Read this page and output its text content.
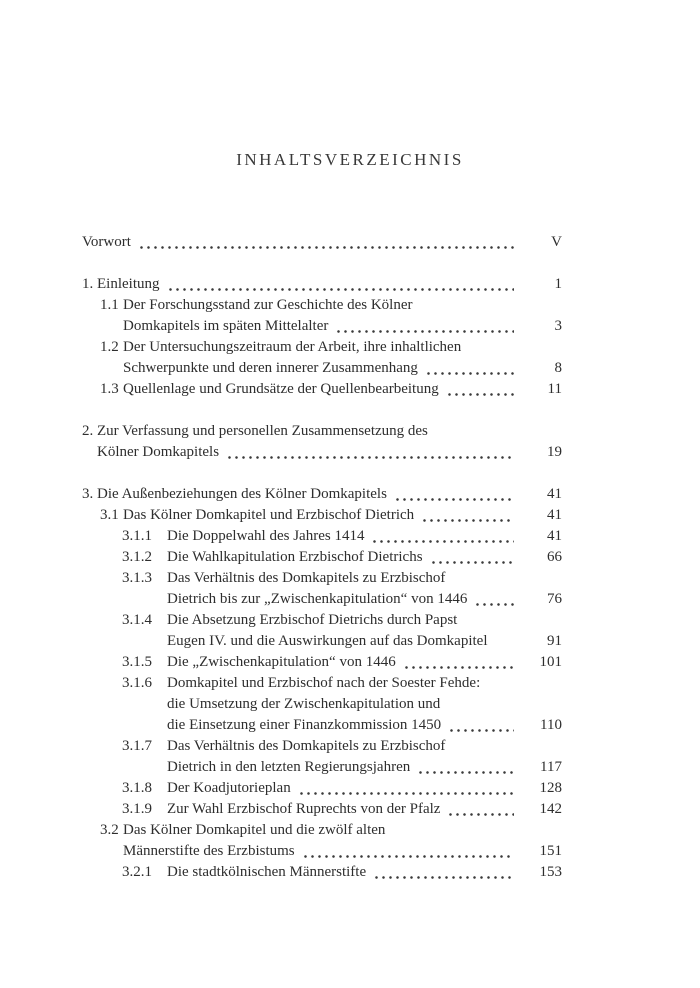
INHALTSVERZEICHNIS
Vorwort	V
1. Einleitung	1
1.1 Der Forschungsstand zur Geschichte des Kölner
Domkapitels im späten Mittelalter	3
1.2 Der Untersuchungszeitraum der Arbeit, ihre inhaltlichen
Schwerpunkte und deren innerer Zusammenhang	8
1.3 Quellenlage und Grundsätze der Quellenbearbeitung	11
2. Zur Verfassung und personellen Zusammensetzung des
Kölner Domkapitels	19
3. Die Außenbeziehungen des Kölner Domkapitels	41
3.1 Das Kölner Domkapitel und Erzbischof Dietrich	41
3.1.1	Die Doppelwahl des Jahres 1414	41
3.1.2	Die Wahlkapitulation Erzbischof Dietrichs	66
3.1.3	Das Verhältnis des Domkapitels zu Erzbischof
Dietrich bis zur „Zwischenkapitulation“ von 1446	76
3.1.4	Die Absetzung Erzbischof Dietrichs durch Papst
Eugen IV. und die Auswirkungen auf das Domkapitel	91
3.1.5	Die „Zwischenkapitulation“ von 1446	101
3.1.6	Domkapitel und Erzbischof nach der Soester Fehde:
die Umsetzung der Zwischenkapitulation und
die Einsetzung einer Finanzkommission 1450	110
3.1.7	Das Verhältnis des Domkapitels zu Erzbischof
Dietrich in den letzten Regierungsjahren	117
3.1.8	Der Koadjutorieplan	128
3.1.9	Zur Wahl Erzbischof Ruprechts von der Pfalz	142
3.2 Das Kölner Domkapitel und die zwölf alten
Männerstifte des Erzbistums	151
3.2.1	Die stadtkölnischen Männerstifte	153
